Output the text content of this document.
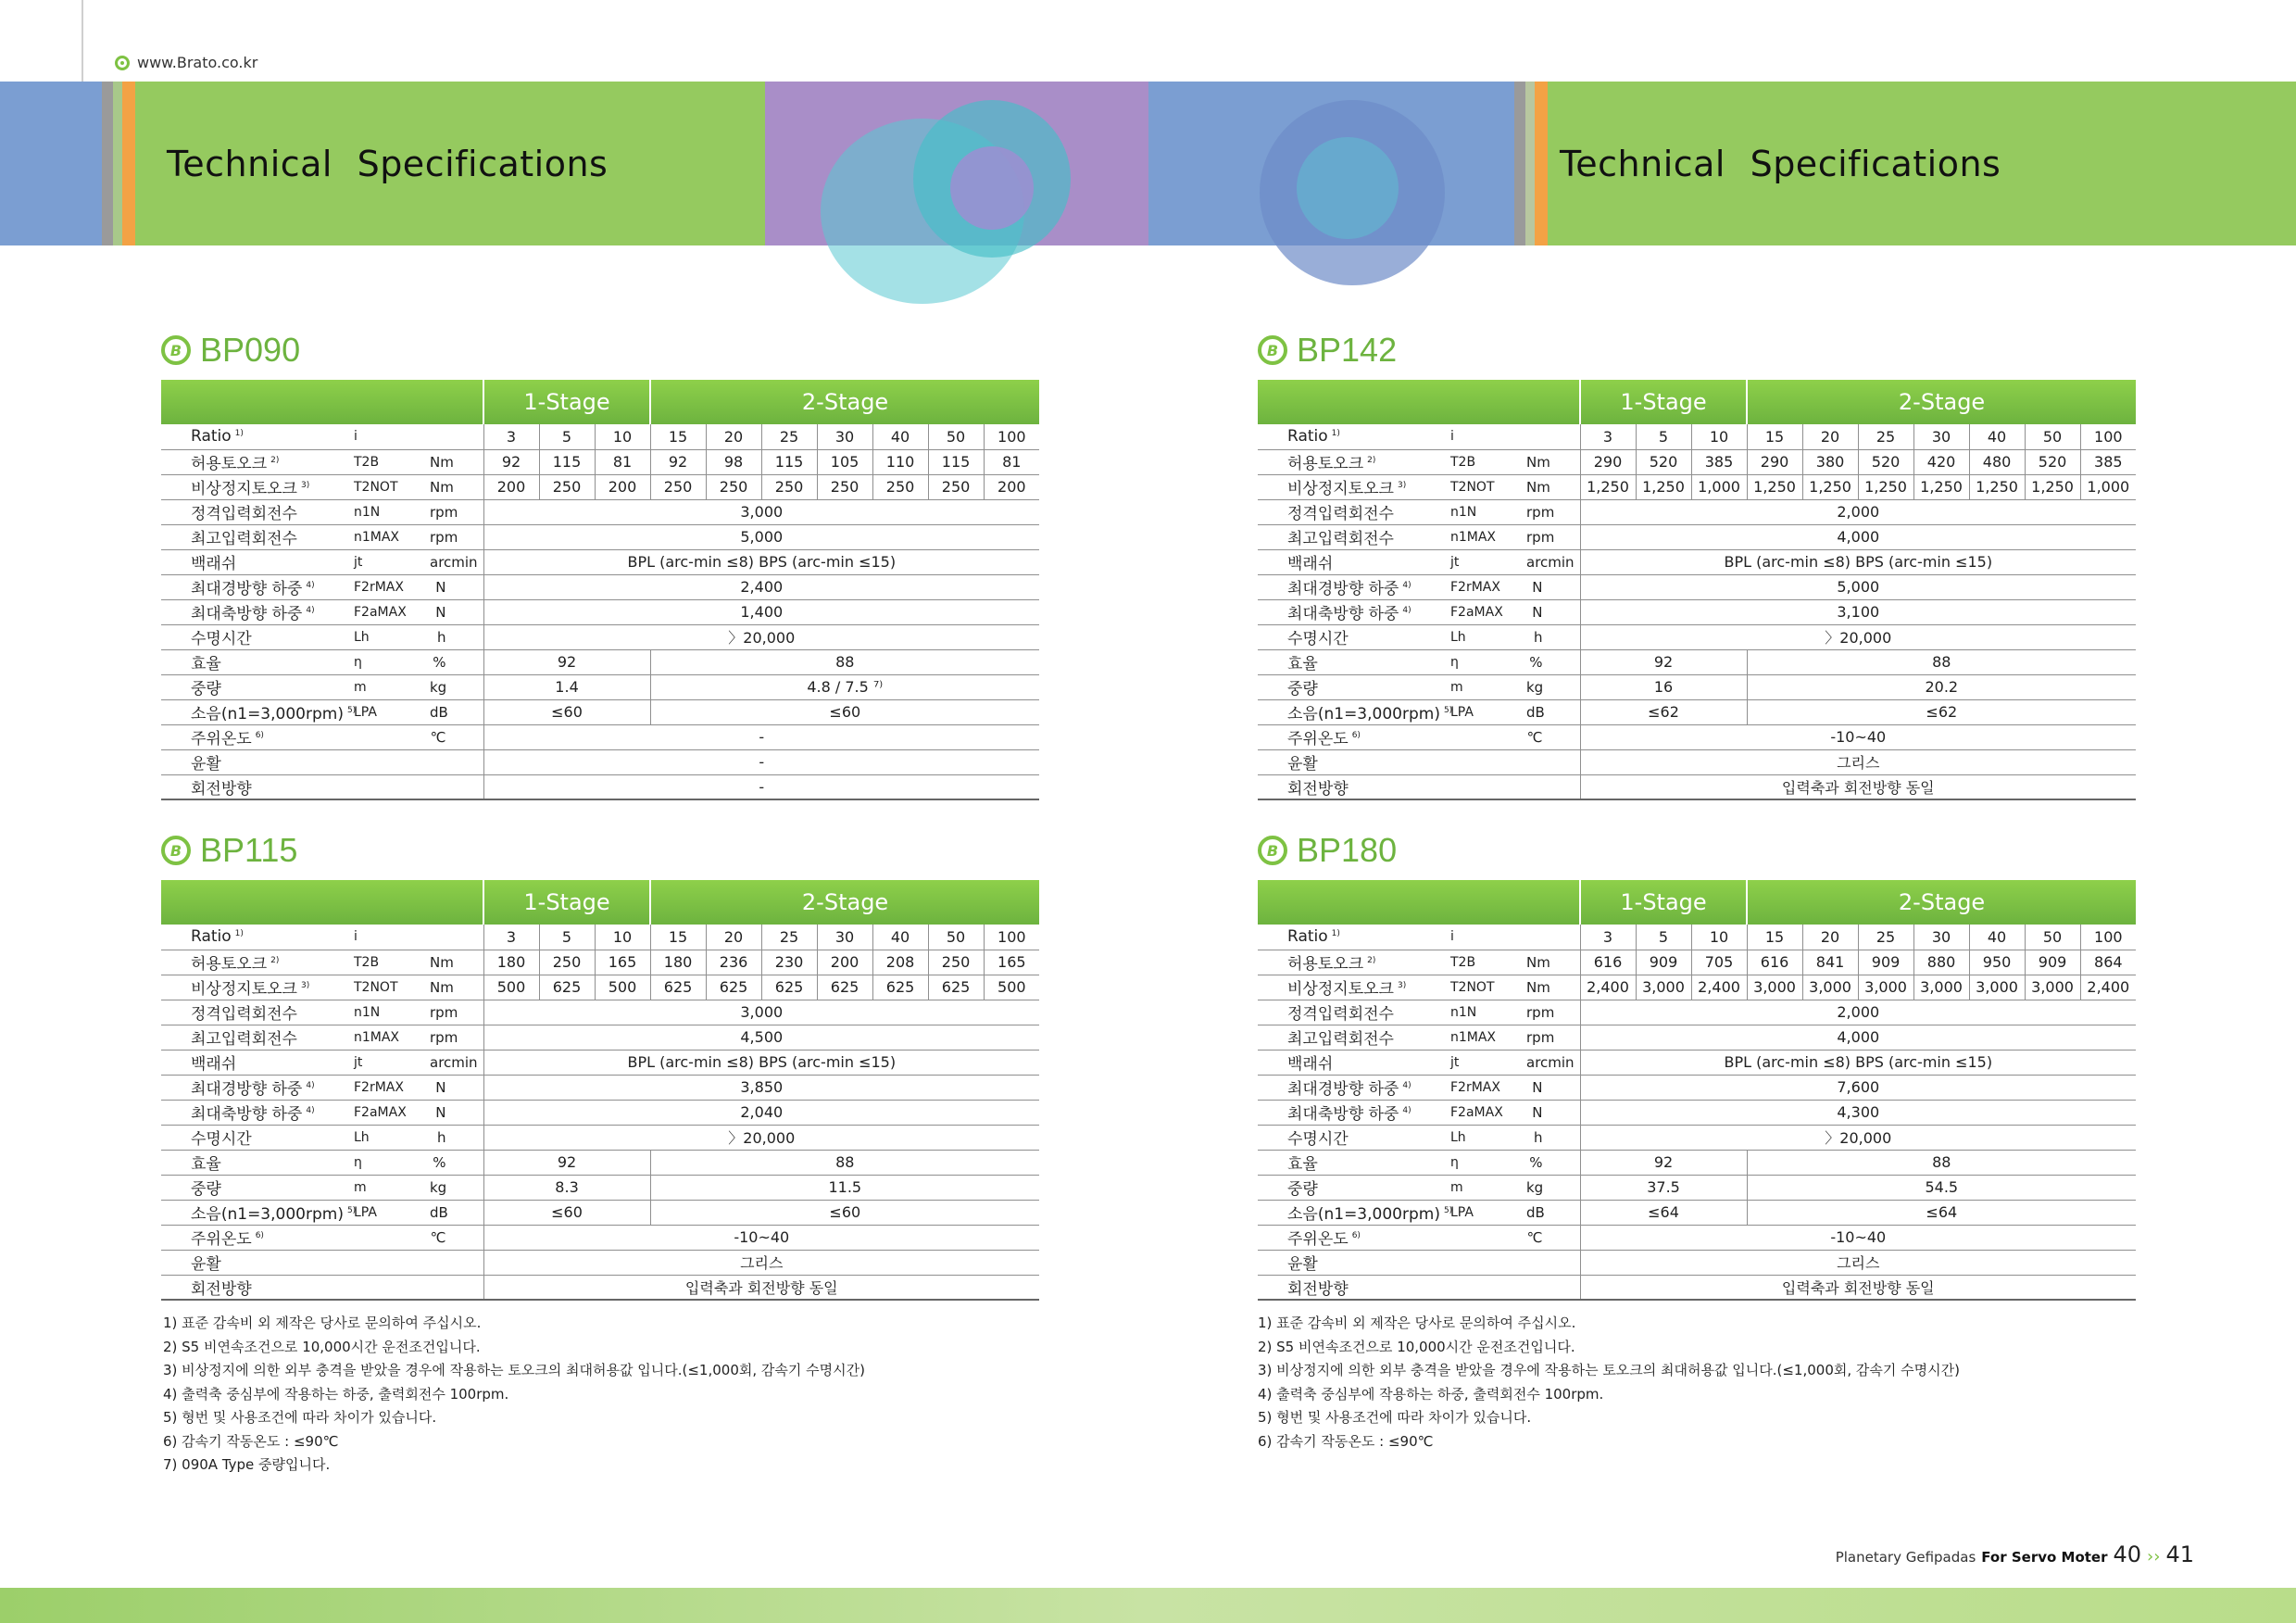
www.Brato.co.kr
Technical Specifications	Technical Specifications
B BP090
			1-Stage			2-Stage						
Ratio $^{1)}$	i		3	5	10	15	20	25	30	40	50	100
허용토오크 $^{2)}$	T2B	Nm	92	115	81	92	98	115	105	110	115	81
비상정지토오크 $^{3)}$	T2NOT	Nm	200	250	200	250	250	250	250	250	250	200
정격입력회전수	n1N	rpm	3,000									
최고입력회전수	n1MAX	rpm	5,000									
백래쉬	jt	arcmin	BPL (arc-min ≤8) BPS (arc-min ≤15)									
최대경방향 하중 $^{4)}$	F2rMAX	N	2,400									
최대축방향 하중 $^{4)}$	F2aMAX	N	1,400									
수명시간	Lh	h	〉20,000									
효율	η	%	92			88						
중량	m	kg	1.4			4.8 / 7.5 ⁷⁾						
소음(n1=3,000rpm) $^{5)}$	LPA	dB	≤60			≤60						
주위온도 $^{6)}$		℃	-									
윤활			-									
회전방향			-									
B BP142
			1-Stage			2-Stage						
Ratio $^{1)}$	i		3	5	10	15	20	25	30	40	50	100
허용토오크 $^{2)}$	T2B	Nm	290	520	385	290	380	520	420	480	520	385
비상정지토오크 $^{3)}$	T2NOT	Nm	1,250	1,250	1,000	1,250	1,250	1,250	1,250	1,250	1,250	1,000
정격입력회전수	n1N	rpm	2,000									
최고입력회전수	n1MAX	rpm	4,000									
백래쉬	jt	arcmin	BPL (arc-min ≤8) BPS (arc-min ≤15)									
최대경방향 하중 $^{4)}$	F2rMAX	N	5,000									
최대축방향 하중 $^{4)}$	F2aMAX	N	3,100									
수명시간	Lh	h	〉20,000									
효율	η	%	92			88						
중량	m	kg	16			20.2						
소음(n1=3,000rpm) $^{5)}$	LPA	dB	≤62			≤62						
주위온도 $^{6)}$		℃	-10~40									
윤활			그리스									
회전방향			입력축과 회전방향 동일									
B BP115
			1-Stage			2-Stage						
Ratio $^{1)}$	i		3	5	10	15	20	25	30	40	50	100
허용토오크 $^{2)}$	T2B	Nm	180	250	165	180	236	230	200	208	250	165
비상정지토오크 $^{3)}$	T2NOT	Nm	500	625	500	625	625	625	625	625	625	500
정격입력회전수	n1N	rpm	3,000									
최고입력회전수	n1MAX	rpm	4,500									
백래쉬	jt	arcmin	BPL (arc-min ≤8) BPS (arc-min ≤15)									
최대경방향 하중 $^{4)}$	F2rMAX	N	3,850									
최대축방향 하중 $^{4)}$	F2aMAX	N	2,040									
수명시간	Lh	h	〉20,000									
효율	η	%	92			88						
중량	m	kg	8.3			11.5						
소음(n1=3,000rpm) $^{5)}$	LPA	dB	≤60			≤60						
주위온도 $^{6)}$		℃	-10~40									
윤활			그리스									
회전방향			입력축과 회전방향 동일									
B BP180
			1-Stage			2-Stage						
Ratio $^{1)}$	i		3	5	10	15	20	25	30	40	50	100
허용토오크 $^{2)}$	T2B	Nm	616	909	705	616	841	909	880	950	909	864
비상정지토오크 $^{3)}$	T2NOT	Nm	2,400	3,000	2,400	3,000	3,000	3,000	3,000	3,000	3,000	2,400
정격입력회전수	n1N	rpm	2,000									
최고입력회전수	n1MAX	rpm	4,000									
백래쉬	jt	arcmin	BPL (arc-min ≤8) BPS (arc-min ≤15)									
최대경방향 하중 $^{4)}$	F2rMAX	N	7,600									
최대축방향 하중 $^{4)}$	F2aMAX	N	4,300									
수명시간	Lh	h	〉20,000									
효율	η	%	92			88						
중량	m	kg	37.5			54.5						
소음(n1=3,000rpm) $^{5)}$	LPA	dB	≤64			≤64						
주위온도 $^{6)}$		℃	-10~40									
윤활			그리스									
회전방향			입력축과 회전방향 동일									
1) 표준 감속비 외 제작은 당사로 문의하여 주십시오.
2) S5 비연속조건으로 10,000시간 운전조건입니다.
3) 비상정지에 의한 외부 충격을 받았을 경우에 작용하는 토오크의 최대허용값 입니다.(≤1,000회, 감속기 수명시간)
4) 출력축 중심부에 작용하는 하중, 출력회전수 100rpm.
5) 형번 및 사용조건에 따라 차이가 있습니다.
6) 감속기 작동온도 : ≤90℃
7) 090A Type 중량입니다.
1) 표준 감속비 외 제작은 당사로 문의하여 주십시오.
2) S5 비연속조건으로 10,000시간 운전조건입니다.
3) 비상정지에 의한 외부 충격을 받았을 경우에 작용하는 토오크의 최대허용값 입니다.(≤1,000회, 감속기 수명시간)
4) 출력축 중심부에 작용하는 하중, 출력회전수 100rpm.
5) 형번 및 사용조건에 따라 차이가 있습니다.
6) 감속기 작동온도 : ≤90℃
Planetary Gefipadas For Servo Moter 40 ›› 41
